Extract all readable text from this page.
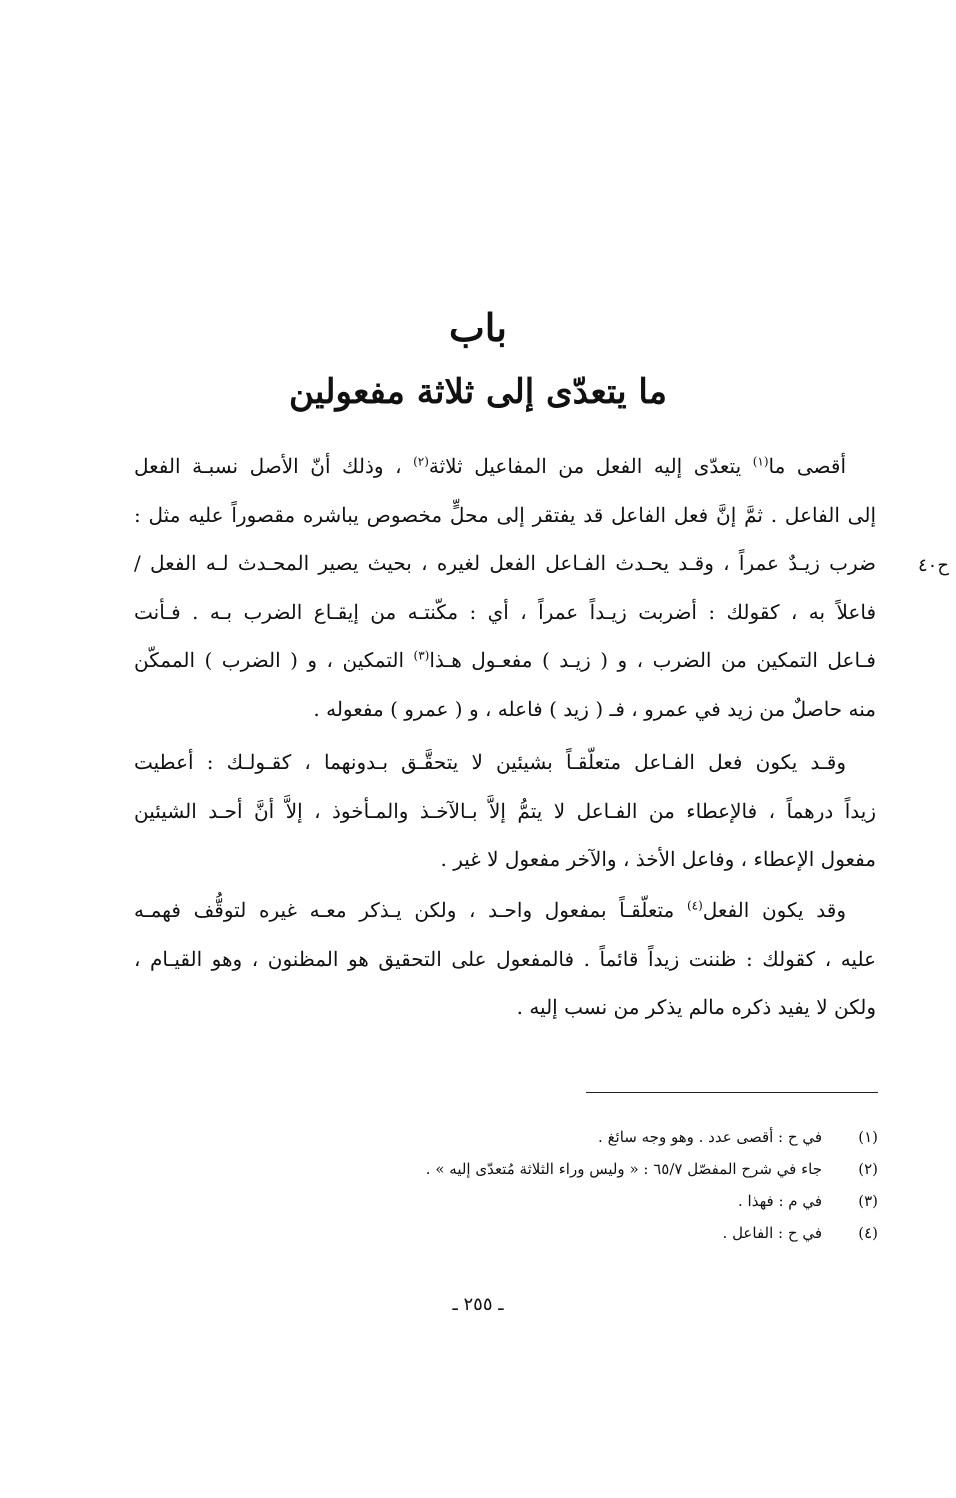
باب
ما يتعدّى إلى ثلاثة مفعولين
ح٤٠
أقصى ما$^{(١)}$ يتعدّى إليه الفعل من المفاعيل ثلاثة$^{(٢)}$ ، وذلك أنّ الأصل نسبـة الفعل
إلى الفاعل . ثمَّ إنَّ فعل الفاعل قد يفتقر إلى محلٍّ مخصوص يباشره مقصوراً عليه مثل :
ضرب زيـدٌ عمراً ، وقـد يحـدث الفـاعل الفعل لغيره ، بحيث يصير المحـدث لـه الفعل /
فاعلاً به ، كقولك : أضربت زيـداً عمراً ، أي : مكّنتـه من إيقـاع الضرب بـه . فـأنت
فـاعل التمكين من الضرب ، و ( زيـد ) مفعـول هـذا$^{(٣)}$ التمكين ، و ( الضرب ) الممكّن
منه حاصلٌ من زيد في عمرو ، فـ ( زيد ) فاعله ، و ( عمرو ) مفعوله .
وقـد يكون فعل الفـاعل متعلّقـاً بشيئين لا يتحقَّـق بـدونهما ، كقـولـك : أعطيت
زيداً درهماً ، فالإعطاء من الفـاعل لا يتمُّ إلاَّ بـالآخـذ والمـأخوذ ، إلاَّ أنَّ أحـد الشيئين
مفعول الإعطاء ، وفاعل الأخذ ، والآخر مفعول لا غير .
وقد يكون الفعل$^{(٤)}$ متعلّقـاً بمفعول واحـد ، ولكن يـذكر معـه غيره لتوقُّف فهمـه
عليه ، كقولك : ظننت زيداً قائماً . فالمفعول على التحقيق هو المظنون ، وهو القيـام ،
ولكن لا يفيد ذكره مالم يذكر من نسب إليه .
(١)
في ح : أقصى عدد . وهو وجه سائغ .
(٢)
جاء في شرح المفصّل ٦٥/٧ : « وليس وراء الثلاثة مُتعدّى إليه » .
(٣)
في م : فهذا .
(٤)
في ح : الفاعل .
ـ ٢٥٥ ـ
